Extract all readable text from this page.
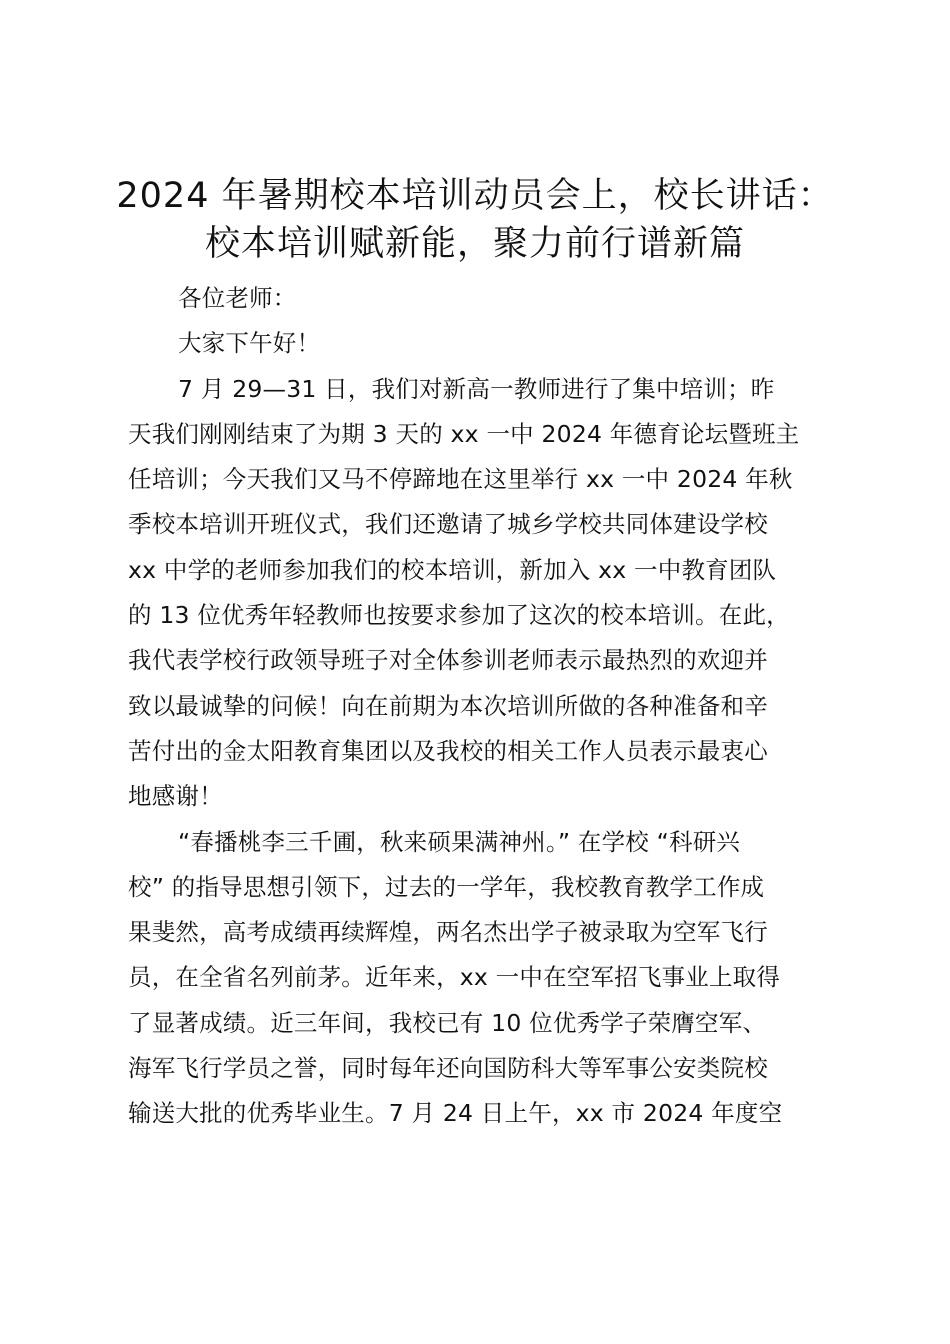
2024 年暑期校本培训动员会上，校长讲话：
校本培训赋新能，聚力前行谱新篇
各位老师：
大家下午好！
7 月 29—31 日，我们对新高一教师进行了集中培训；昨
天我们刚刚结束了为期 3 天的 xx 一中 2024 年德育论坛暨班主
任培训；今天我们又马不停蹄地在这里举行 xx 一中 2024 年秋
季校本培训开班仪式，我们还邀请了城乡学校共同体建设学校
xx 中学的老师参加我们的校本培训，新加入 xx 一中教育团队
的 13 位优秀年轻教师也按要求参加了这次的校本培训。在此，
我代表学校行政领导班子对全体参训老师表示最热烈的欢迎并
致以最诚挚的问候！向在前期为本次培训所做的各种准备和辛
苦付出的金太阳教育集团以及我校的相关工作人员表示最衷心
地感谢！
“春播桃李三千圃，秋来硕果满神州。” 在学校 “科研兴
校” 的指导思想引领下，过去的一学年，我校教育教学工作成
果斐然，高考成绩再续辉煌，两名杰出学子被录取为空军飞行
员，在全省名列前茅。近年来，xx 一中在空军招飞事业上取得
了显著成绩。近三年间，我校已有 10 位优秀学子荣膺空军、
海军飞行学员之誉，同时每年还向国防科大等军事公安类院校
输送大批的优秀毕业生。7 月 24 日上午，xx 市 2024 年度空
